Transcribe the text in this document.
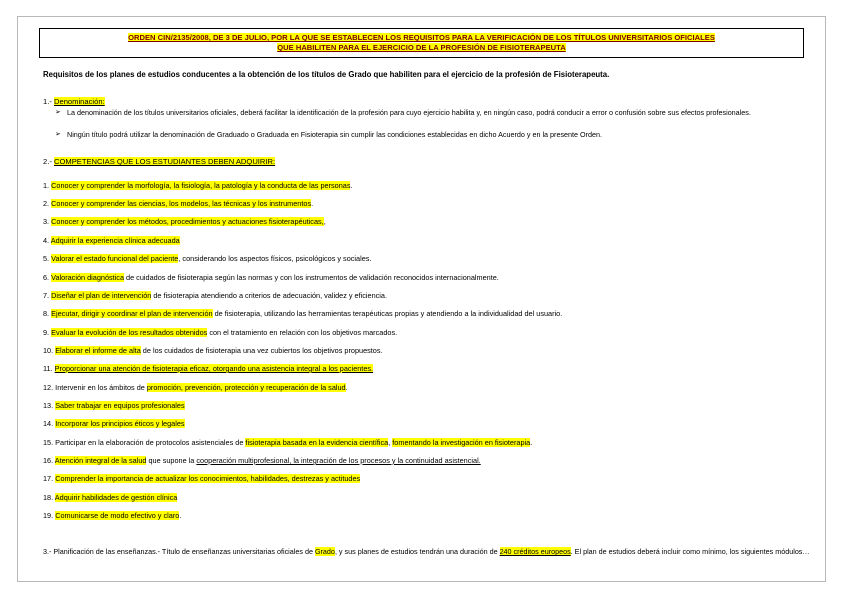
ORDEN CIN/2135/2008, DE 3 DE JULIO, POR LA QUE SE ESTABLECEN LOS REQUISITOS PARA LA VERIFICACIÓN DE LOS TÍTULOS UNIVERSITARIOS OFICIALES
QUE HABILITEN PARA EL EJERCICIO DE LA PROFESIÓN DE FISIOTERAPEUTA
Requisitos de los planes de estudios conducentes a la obtención de los títulos de Grado que habiliten para el ejercicio de la profesión de Fisioterapeuta.
1.- Denominación:
➢ La denominación de los títulos universitarios oficiales, deberá facilitar la identificación de la profesión para cuyo ejercicio habilita y, en ningún caso, podrá conducir a error o confusión sobre sus efectos profesionales.
➢ Ningún título podrá utilizar la denominación de Graduado o Graduada en Fisioterapia sin cumplir las condiciones establecidas en dicho Acuerdo y en la presente Orden.
2.- COMPETENCIAS QUE LOS ESTUDIANTES DEBEN ADQUIRIR:
1. Conocer y comprender la morfología, la fisiología, la patología y la conducta de las personas.
2. Conocer y comprender las ciencias, los modelos, las técnicas y los instrumentos.
3. Conocer y comprender los métodos, procedimientos y actuaciones fisioterapéuticas,,
4. Adquirir la experiencia clínica adecuada
5. Valorar el estado funcional del paciente, considerando los aspectos físicos, psicológicos y sociales.
6. Valoración diagnóstica de cuidados de fisioterapia según las normas y con los instrumentos de validación reconocidos internacionalmente.
7. Diseñar el plan de intervención de fisioterapia atendiendo a criterios de adecuación, validez y eficiencia.
8. Ejecutar, dirigir y coordinar el plan de intervención de fisioterapia, utilizando las herramientas terapéuticas propias y atendiendo a la individualidad del usuario.
9. Evaluar la evolución de los resultados obtenidos con el tratamiento en relación con los objetivos marcados.
10. Elaborar el informe de alta de los cuidados de fisioterapia una vez cubiertos los objetivos propuestos.
11. Proporcionar una atención de fisioterapia eficaz, otorgando una asistencia integral a los pacientes.
12. Intervenir en los ámbitos de promoción, prevención, protección y recuperación de la salud.
13. Saber trabajar en equipos profesionales
14. Incorporar los principios éticos y legales
15. Participar en la elaboración de protocolos asistenciales de fisioterapia basada en la evidencia científica, fomentando la investigación en fisioterapia.
16. Atención integral de la salud que supone la cooperación multiprofesional, la integración de los procesos y la continuidad asistencial.
17. Comprender la importancia de actualizar los conocimientos, habilidades, destrezas y actitudes
18. Adquirir habilidades de gestión clínica
19. Comunicarse de modo efectivo y claro.
3.- Planificación de las enseñanzas.- Título de enseñanzas universitarias oficiales de Grado, y sus planes de estudios tendrán una duración de 240 créditos europeos. El plan de estudios deberá incluir como mínimo, los siguientes módulos…
